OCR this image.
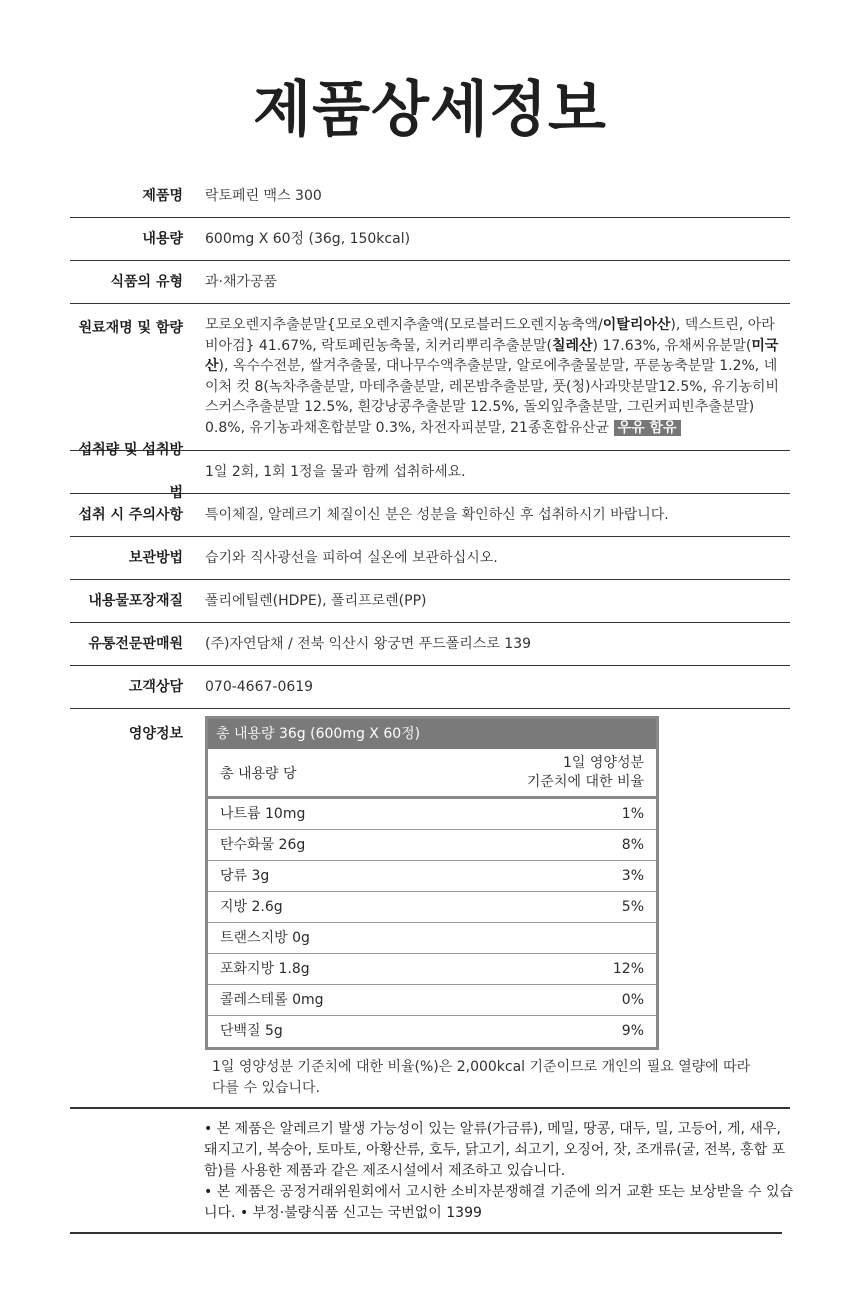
제품상세정보
제품명 락토페린 맥스 300
내용량 600mg X 60정 (36g, 150kcal)
식품의 유형 과·채가공품
원료재명 및 함량 모로오렌지추출분말{모로오렌지추출액(모로블러드오렌지농축액/이탈리아산), 덱스트린, 아라비아검} 41.67%, 락토페린농축물, 치커리뿌리추출분말(칠레산) 17.63%, 유채씨유분말(미국산), 옥수수전분, 쌀겨추출물, 대나무수액추출분말, 알로에추출물분말, 푸룬농축분말 1.2%, 네이처 컷 8(녹차추출분말, 마테추출분말, 레몬밤추출분말, 풋(청)사과맛분말12.5%, 유기농히비스커스추출분말 12.5%, 흰강낭콩추출분말 12.5%, 돌외잎추출분말, 그린커피빈추출분말) 0.8%, 유기농과채혼합분말 0.3%, 차전자피분말, 21종혼합유산균 우유 함유
섭취량 및 섭취방법
1일 2회, 1회 1정을 물과 함께 섭취하세요.
섭취 시 주의사항 특이체질, 알레르기 체질이신 분은 성분을 확인하신 후 섭취하시기 바랍니다.
보관방법 습기와 직사광선을 피하여 실온에 보관하십시오.
내용물포장재질 폴리에틸렌(HDPE), 폴리프로렌(PP)
유통전문판매원 (주)자연담채 / 전북 익산시 왕궁면 푸드폴리스로 139
고객상담 070-4667-0619
영양정보	총 내용량 36g (600mg X 60정)
총 내용량 당
1일 영양성분
기준치에 대한 비율
나트륨 10mg	1%
탄수화물 26g	8%
당류 3g	3%
지방 2.6g	5%
트랜스지방 0g
포화지방 1.8g	12%
콜레스테롤 0mg	0%
단백질 5g	9%
1일 영양성분 기준치에 대한 비율(%)은 2,000kcal 기준이므로 개인의 필요 열량에 따라 다를 수 있습니다.
• 본 제품은 알레르기 발생 가능성이 있는 알류(가금류), 메밀, 땅콩, 대두, 밀, 고등어, 게, 새우, 돼지고기, 복숭아, 토마토, 아황산류, 호두, 닭고기, 쇠고기, 오징어, 잣, 조개류(굴, 전복, 홍합 포함)를 사용한 제품과 같은 제조시설에서 제조하고 있습니다.
• 본 제품은 공정거래위원회에서 고시한 소비자분쟁해결 기준에 의거 교환 또는 보상받을 수 있습니다. • 부정·불량식품 신고는 국번없이 1399
